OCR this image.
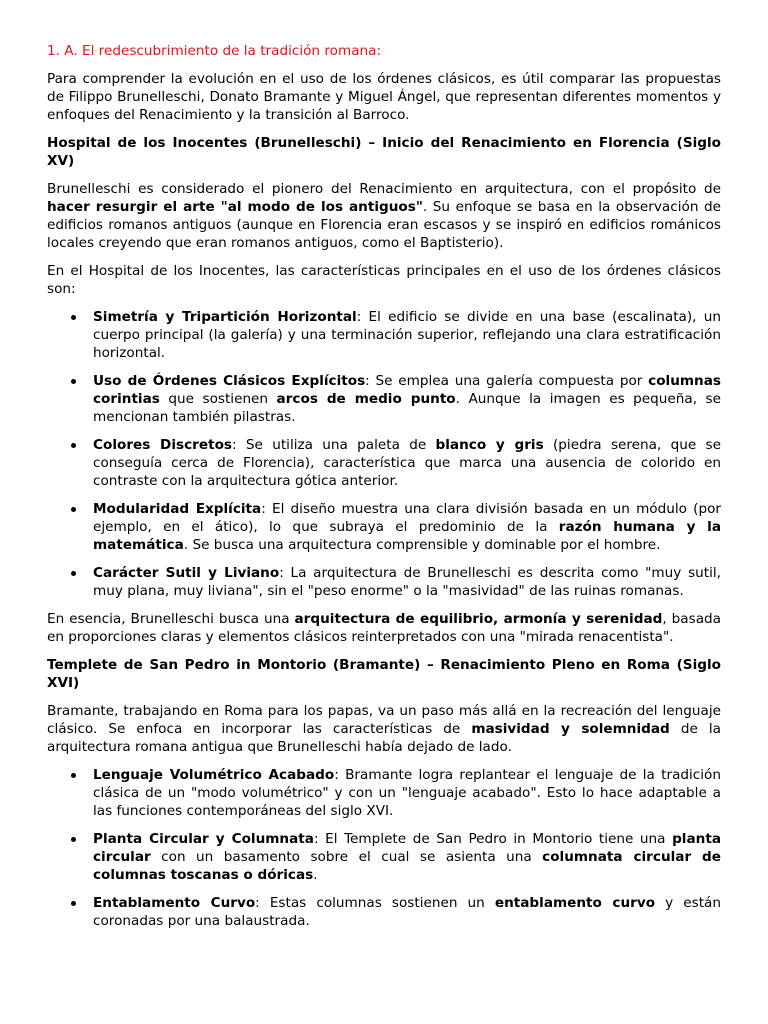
1. A. El redescubrimiento de la tradición romana:

Para comprender la evolución en el uso de los órdenes clásicos, es útil comparar las propuestas de Filippo Brunelleschi, Donato Bramante y Miguel Ángel, que representan diferentes momentos y enfoques del Renacimiento y la transición al Barroco.

Hospital de los Inocentes (Brunelleschi) – Inicio del Renacimiento en Florencia (Siglo XV)

Brunelleschi es considerado el pionero del Renacimiento en arquitectura, con el propósito de hacer resurgir el arte "al modo de los antiguos". Su enfoque se basa en la observación de edificios romanos antiguos (aunque en Florencia eran escasos y se inspiró en edificios románicos locales creyendo que eran romanos antiguos, como el Baptisterio).

En el Hospital de los Inocentes, las características principales en el uso de los órdenes clásicos son:

Simetría y Tripartición Horizontal: El edificio se divide en una base (escalinata), un cuerpo principal (la galería) y una terminación superior, reflejando una clara estratificación horizontal.
Uso de Órdenes Clásicos Explícitos: Se emplea una galería compuesta por columnas corintias que sostienen arcos de medio punto. Aunque la imagen es pequeña, se mencionan también pilastras.
Colores Discretos: Se utiliza una paleta de blanco y gris (piedra serena, que se conseguía cerca de Florencia), característica que marca una ausencia de colorido en contraste con la arquitectura gótica anterior.
Modularidad Explícita: El diseño muestra una clara división basada en un módulo (por ejemplo, en el ático), lo que subraya el predominio de la razón humana y la matemática. Se busca una arquitectura comprensible y dominable por el hombre.
Carácter Sutil y Liviano: La arquitectura de Brunelleschi es descrita como "muy sutil, muy plana, muy liviana", sin el "peso enorme" o la "masividad" de las ruinas romanas.

En esencia, Brunelleschi busca una arquitectura de equilibrio, armonía y serenidad, basada en proporciones claras y elementos clásicos reinterpretados con una "mirada renacentista".

Templete de San Pedro in Montorio (Bramante) – Renacimiento Pleno en Roma (Siglo XVI)

Bramante, trabajando en Roma para los papas, va un paso más allá en la recreación del lenguaje clásico. Se enfoca en incorporar las características de masividad y solemnidad de la arquitectura romana antigua que Brunelleschi había dejado de lado.

Lenguaje Volumétrico Acabado: Bramante logra replantear el lenguaje de la tradición clásica de un "modo volumétrico" y con un "lenguaje acabado". Esto lo hace adaptable a las funciones contemporáneas del siglo XVI.
Planta Circular y Columnata: El Templete de San Pedro in Montorio tiene una planta circular con un basamento sobre el cual se asienta una columnata circular de columnas toscanas o dóricas.
Entablamento Curvo: Estas columnas sostienen un entablamento curvo y están coronadas por una balaustrada.
